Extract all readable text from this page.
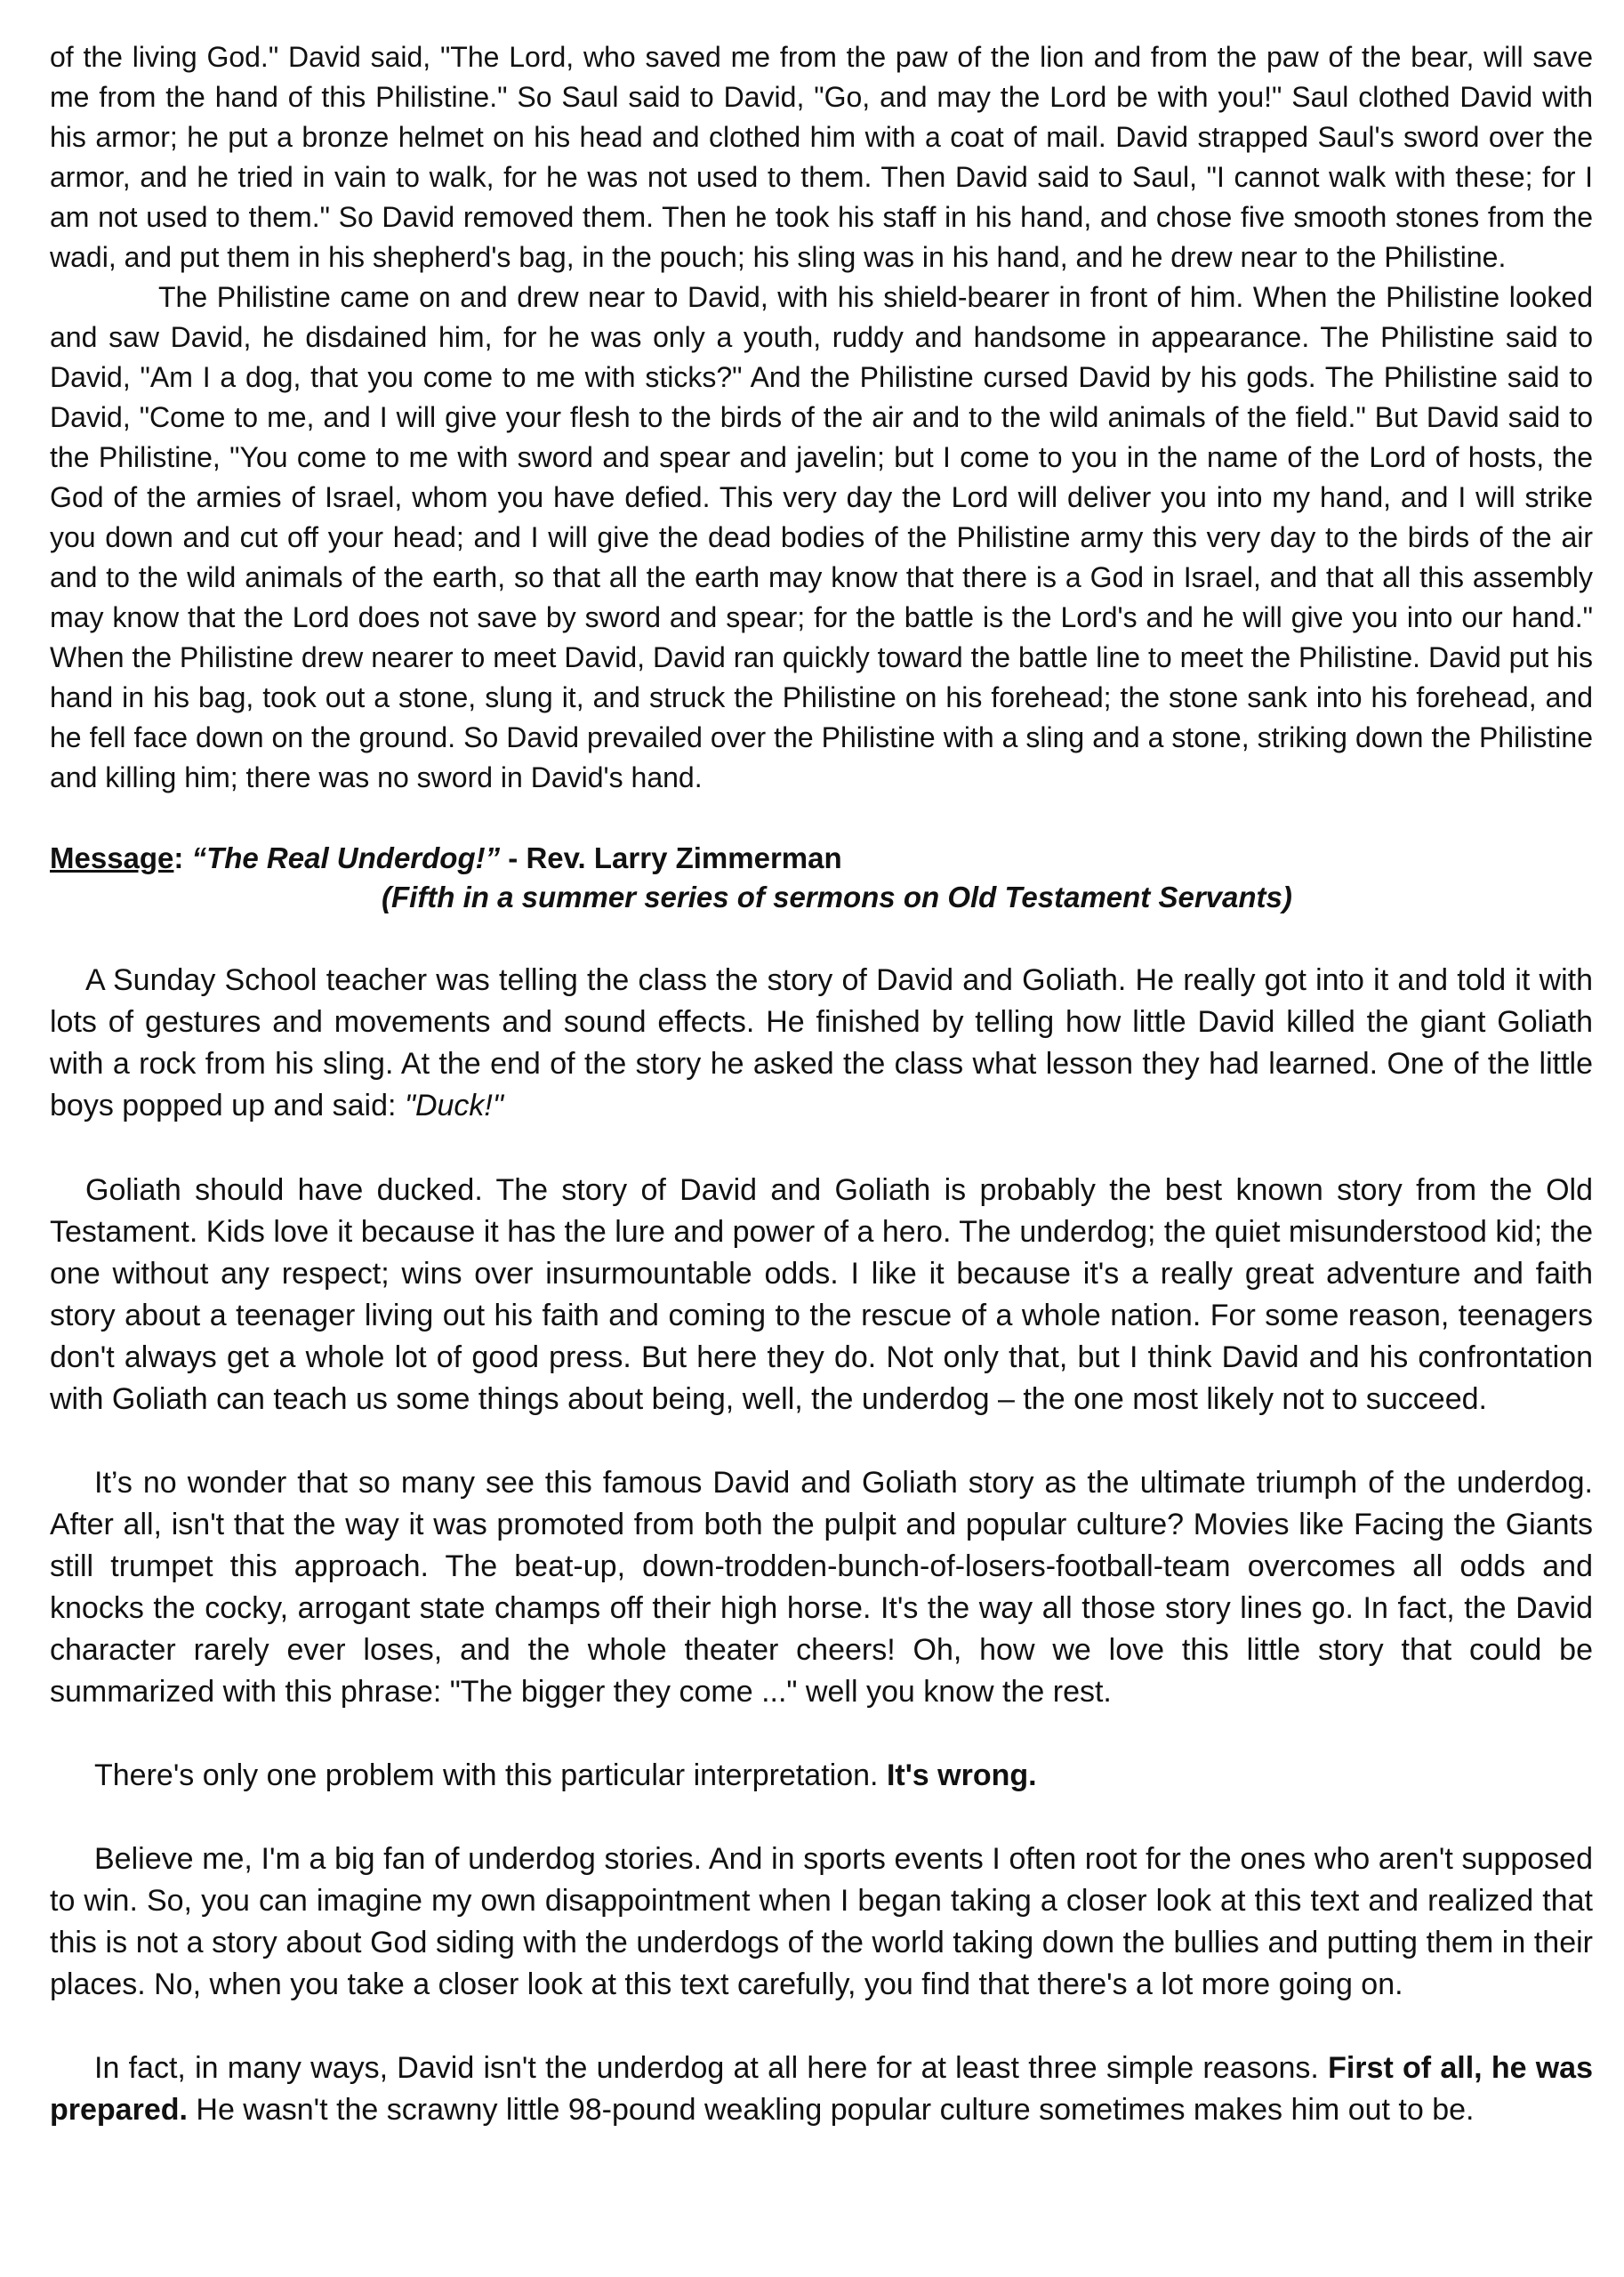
of the living God." David said, "The Lord, who saved me from the paw of the lion and from the paw of the bear, will save me from the hand of this Philistine." So Saul said to David, "Go, and may the Lord be with you!" Saul clothed David with his armor; he put a bronze helmet on his head and clothed him with a coat of mail. David strapped Saul's sword over the armor, and he tried in vain to walk, for he was not used to them. Then David said to Saul, "I cannot walk with these; for I am not used to them." So David removed them. Then he took his staff in his hand, and chose five smooth stones from the wadi, and put them in his shepherd's bag, in the pouch; his sling was in his hand, and he drew near to the Philistine.

The Philistine came on and drew near to David, with his shield-bearer in front of him. When the Philistine looked and saw David, he disdained him, for he was only a youth, ruddy and handsome in appearance. The Philistine said to David, "Am I a dog, that you come to me with sticks?" And the Philistine cursed David by his gods. The Philistine said to David, "Come to me, and I will give your flesh to the birds of the air and to the wild animals of the field." But David said to the Philistine, "You come to me with sword and spear and javelin; but I come to you in the name of the Lord of hosts, the God of the armies of Israel, whom you have defied. This very day the Lord will deliver you into my hand, and I will strike you down and cut off your head; and I will give the dead bodies of the Philistine army this very day to the birds of the air and to the wild animals of the earth, so that all the earth may know that there is a God in Israel, and that all this assembly may know that the Lord does not save by sword and spear; for the battle is the Lord's and he will give you into our hand." When the Philistine drew nearer to meet David, David ran quickly toward the battle line to meet the Philistine. David put his hand in his bag, took out a stone, slung it, and struck the Philistine on his forehead; the stone sank into his forehead, and he fell face down on the ground. So David prevailed over the Philistine with a sling and a stone, striking down the Philistine and killing him; there was no sword in David's hand.

Message: “The Real Underdog!” - Rev. Larry Zimmerman
(Fifth in a summer series of sermons on Old Testament Servants)

A Sunday School teacher was telling the class the story of David and Goliath. He really got into it and told it with lots of gestures and movements and sound effects. He finished by telling how little David killed the giant Goliath with a rock from his sling. At the end of the story he asked the class what lesson they had learned. One of the little boys popped up and said: "Duck!"

Goliath should have ducked. The story of David and Goliath is probably the best known story from the Old Testament. Kids love it because it has the lure and power of a hero. The underdog; the quiet misunderstood kid; the one without any respect; wins over insurmountable odds. I like it because it's a really great adventure and faith story about a teenager living out his faith and coming to the rescue of a whole nation. For some reason, teenagers don't always get a whole lot of good press. But here they do. Not only that, but I think David and his confrontation with Goliath can teach us some things about being, well, the underdog – the one most likely not to succeed.

It’s no wonder that so many see this famous David and Goliath story as the ultimate triumph of the underdog. After all, isn't that the way it was promoted from both the pulpit and popular culture? Movies like Facing the Giants still trumpet this approach. The beat-up, down-trodden-bunch-of-losers-football-team overcomes all odds and knocks the cocky, arrogant state champs off their high horse. It's the way all those story lines go. In fact, the David character rarely ever loses, and the whole theater cheers! Oh, how we love this little story that could be summarized with this phrase: "The bigger they come ..." well you know the rest.

There's only one problem with this particular interpretation. It's wrong.

Believe me, I'm a big fan of underdog stories. And in sports events I often root for the ones who aren't supposed to win. So, you can imagine my own disappointment when I began taking a closer look at this text and realized that this is not a story about God siding with the underdogs of the world taking down the bullies and putting them in their places. No, when you take a closer look at this text carefully, you find that there's a lot more going on.

In fact, in many ways, David isn't the underdog at all here for at least three simple reasons. First of all, he was prepared. He wasn't the scrawny little 98-pound weakling popular culture sometimes makes him out to be.
